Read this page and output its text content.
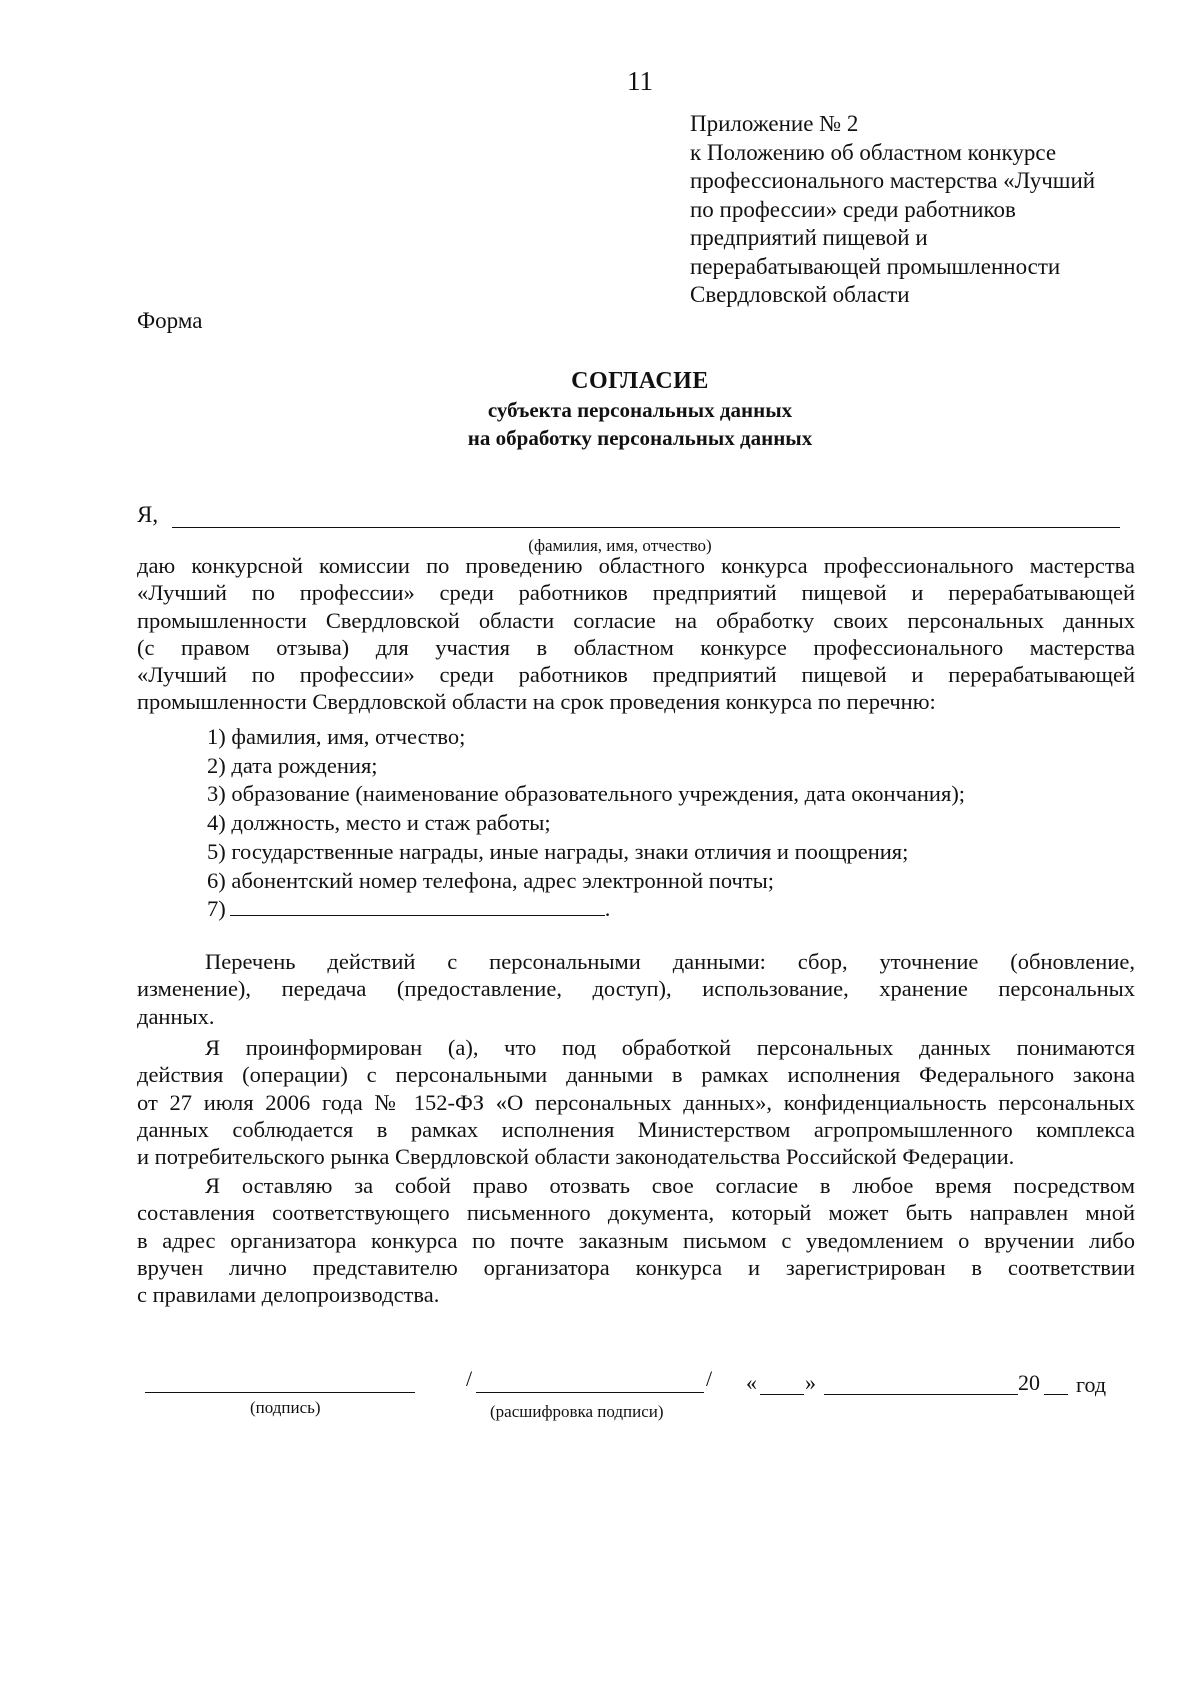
11
Приложение № 2
к Положению об областном конкурсе
профессионального мастерства «Лучший
по профессии» среди работников
предприятий пищевой и
перерабатывающей промышленности
Свердловской области
Форма
СОГЛАСИЕ
субъекта персональных данных
на обработку персональных данных
Я,
(фамилия, имя, отчество)
даю конкурсной комиссии по проведению областного конкурса профессионального мастерства
«Лучший по профессии» среди работников предприятий пищевой и перерабатывающей
промышленности Свердловской области согласие на обработку своих персональных данных
(с правом отзыва) для участия в областном конкурсе профессионального мастерства
«Лучший по профессии» среди работников предприятий пищевой и перерабатывающей
промышленности Свердловской области на срок проведения конкурса по перечню:
1) фамилия, имя, отчество;
2) дата рождения;
3) образование (наименование образовательного учреждения, дата окончания);
4) должность, место и стаж работы;
5) государственные награды, иные награды, знаки отличия и поощрения;
6) абонентский номер телефона, адрес электронной почты;
7)	.
Перечень действий с персональными данными: сбор, уточнение (обновление,
изменение), передача (предоставление, доступ), использование, хранение персональных
данных.
Я проинформирован (а), что под обработкой персональных данных понимаются
действия (операции) с персональными данными в рамках исполнения Федерального закона
от 27 июля 2006 года № 152-ФЗ «О персональных данных», конфиденциальность персональных
данных соблюдается в рамках исполнения Министерством агропромышленного комплекса
и потребительского рынка Свердловской области законодательства Российской Федерации.
Я оставляю за собой право отозвать свое согласие в любое время посредством
составления соответствующего письменного документа, который может быть направлен мной
в адрес организатора конкурса по почте заказным письмом с уведомлением о вручении либо
вручен лично представителю организатора конкурса и зарегистрирован в соответствии
с правилами делопроизводства.
(подпись)
/	/
(расшифровка подписи)
« »	20 год
